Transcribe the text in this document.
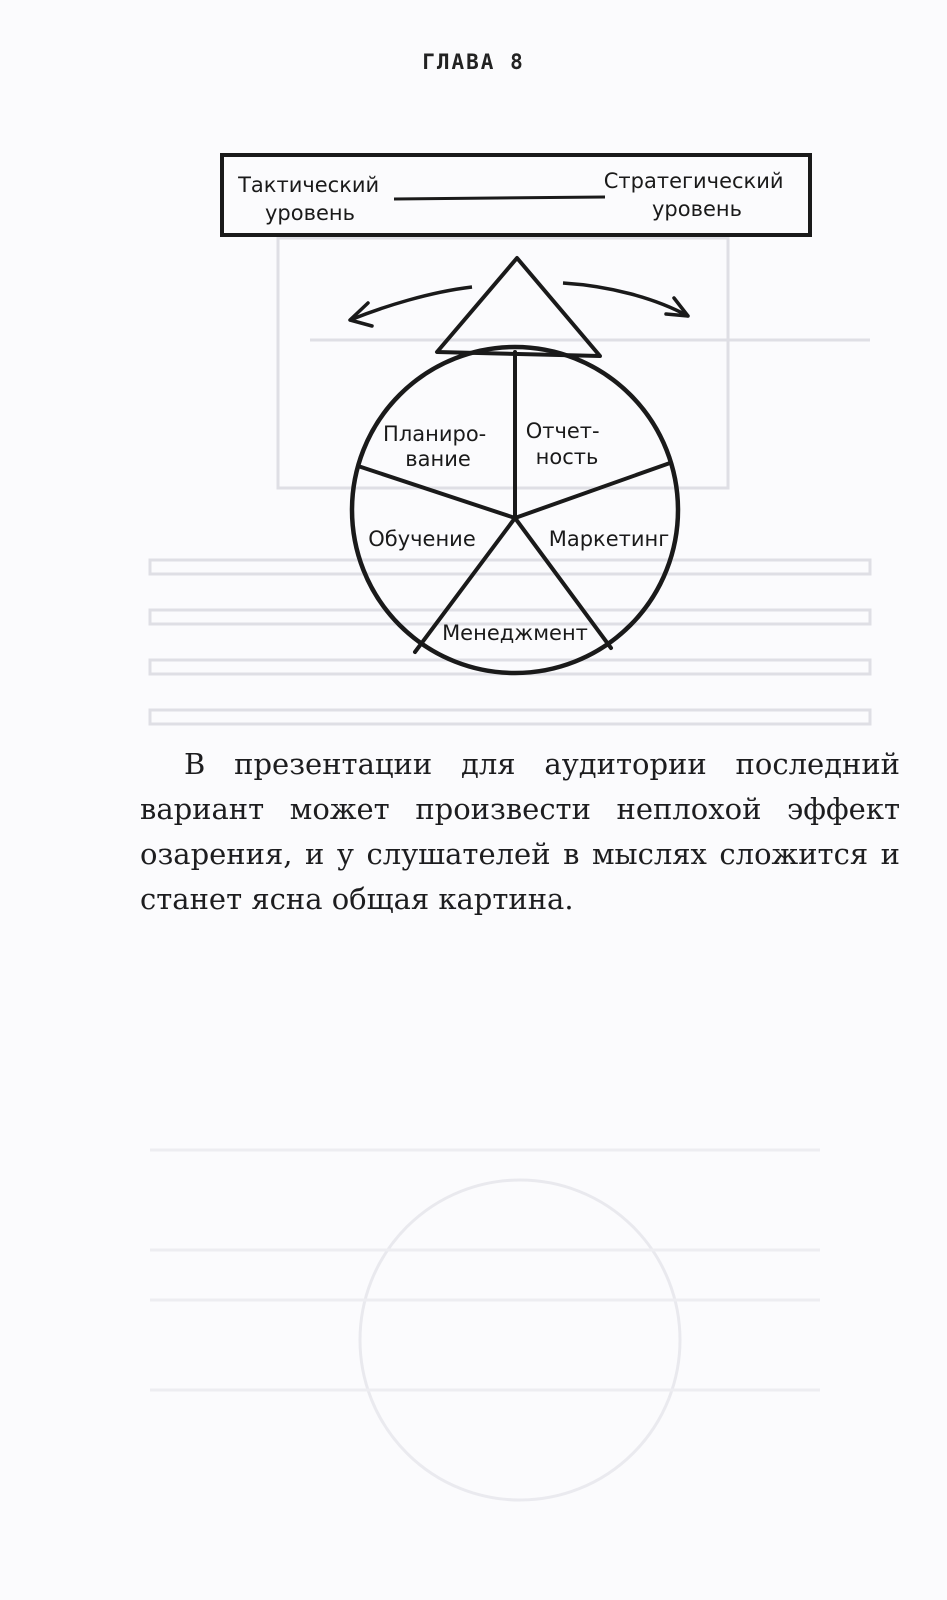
ГЛАВА 8
Тактический уровень
Стратегический уровень
Планиро- вание
Отчет- ность
Обучение	Маркетинг
Менеджмент

В презентации для аудитории последний вариант может произвести неплохой эффект озарения, и у слушателей в мыслях сложится и станет ясна общая картина.
